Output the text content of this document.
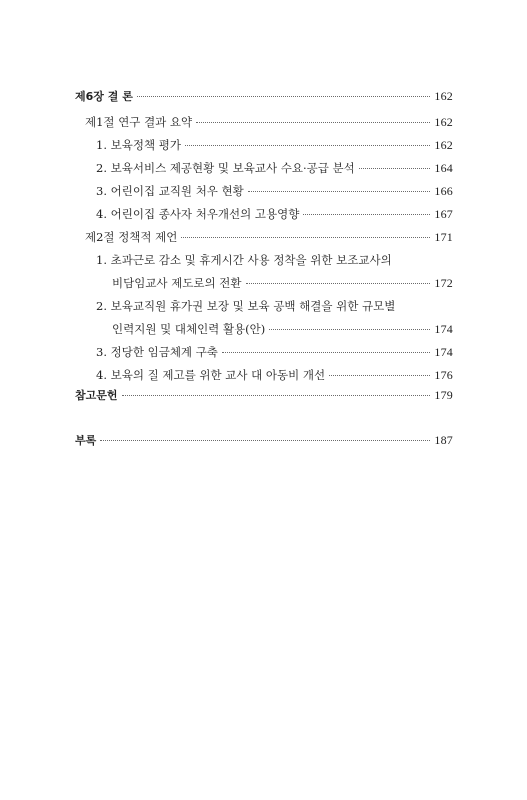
제6장 결 론	162
제1절 연구 결과 요약	162
1. 보육정책 평가	162
2. 보육서비스 제공현황 및 보육교사 수요·공급 분석	164
3. 어린이집 교직원 처우 현황	166
4. 어린이집 종사자 처우개선의 고용영향	167
제2절 정책적 제언	171
1. 초과근로 감소 및 휴게시간 사용 정착을 위한 보조교사의
비담임교사 제도로의 전환	172
2. 보육교직원 휴가권 보장 및 보육 공백 해결을 위한 규모별
인력지원 및 대체인력 활용(안)	174
3. 정당한 임금체계 구축	174
4. 보육의 질 제고를 위한 교사 대 아동비 개선	176
참고문헌	179
부록	187
